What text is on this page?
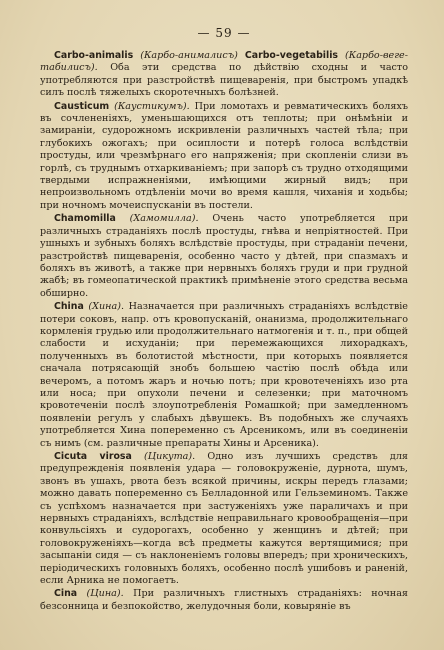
— 59 —

Carbo-animalis (Карбо-анималисъ) Carbo-vegetabilis (Карбо-веге-табилисъ). Оба эти средства по дѣйствію сходны и часто употребляются при разстройствѣ пищеваренія, при быстромъ упадкѣ силъ послѣ тяжелыхъ скоротечныхъ болѣзней.

Causticum (Каустикумъ). При ломотахъ и ревматическихъ боляхъ въ сочлененіяхъ, уменьшающихся отъ теплоты; при онѣмѣніи и замираніи, судорожномъ искривленіи различныхъ частей тѣла; при глубокихъ ожогахъ; при осиплости и потерѣ голоса вслѣдствіи простуды, или чрезмѣрнаго его напряженія; при скопленіи слизи въ горлѣ, съ труднымъ отхаркиваніемъ; при запорѣ съ трудно отходящими твердыми испражненіями, имѣющими жирный видъ; при непроизвольномъ отдѣленіи мочи во время кашля, чиханія и ходьбы; при ночномъ мочеиспусканіи въ постели.

Chamomilla (Хамомилла). Очень часто употребляется при различныхъ страданіяхъ послѣ простуды, гнѣва и непріятностей. При ушныхъ и зубныхъ боляхъ вслѣдствіе простуды, при страданіи печени, разстройствѣ пищеваренія, особенно часто у дѣтей, при спазмахъ и боляхъ въ животѣ, а также при нервныхъ боляхъ груди и при грудной жабѣ; въ гомеопатической практикѣ примѣненіе этого средства весьма обширно.

China (Хина). Назначается при различныхъ страданіяхъ вслѣдствіе потери соковъ, напр. отъ кровопусканій, онанизма, продолжительнаго кормленія грудью или продолжительнаго натмогенія и т. п., при общей слабости и исхуданіи; при перемежающихся лихорадкахъ, полученныхъ въ болотистой мѣстности, при которыхъ появляется сначала потрясающій знобъ большею частію послѣ обѣда или вечеромъ, а потомъ жаръ и ночью потъ; при кровотеченіяхъ изо рта или носа; при опухоли печени и селезенки; при маточномъ кровотеченіи послѣ злоупотребленія Ромашкой; при замедленномъ появленіи регулъ у слабыхъ дѣвушекъ. Въ подобныхъ же случаяхъ употребляется Хина попеременно съ Арсеникомъ, или въ соединеніи съ нимъ (см. различные препараты Хины и Арсеника).

Cicuta virosa (Цикута). Одно изъ лучшихъ средствъ для предупрежденія появленія удара — головокруженіе, дурнота, шумъ, звонъ въ ушахъ, рвота безъ всякой причины, искры передъ глазами; можно давать попеременно съ Белладонной или Гельземиномъ. Также съ успѣхомъ назначается при застуженіяхъ уже параличахъ и при нервныхъ страданіяхъ, вслѣдствіе неправильнаго кровообращенія—при конвульсіяхъ и судорогахъ, особенно у женщинъ и дѣтей; при головокруженіяхъ—когда всѣ предметы кажутся вертящимися; при засыпаніи сидя — съ наклоненіемъ головы впередъ; при хроническихъ, періодическихъ головныхъ боляхъ, особенно послѣ ушибовъ и раненій, если Арника не помогаетъ.

Cina (Цина). При различныхъ глистныхъ страданіяхъ: ночная безсонница и безпокойство, желудочныя боли, ковыряніе въ
